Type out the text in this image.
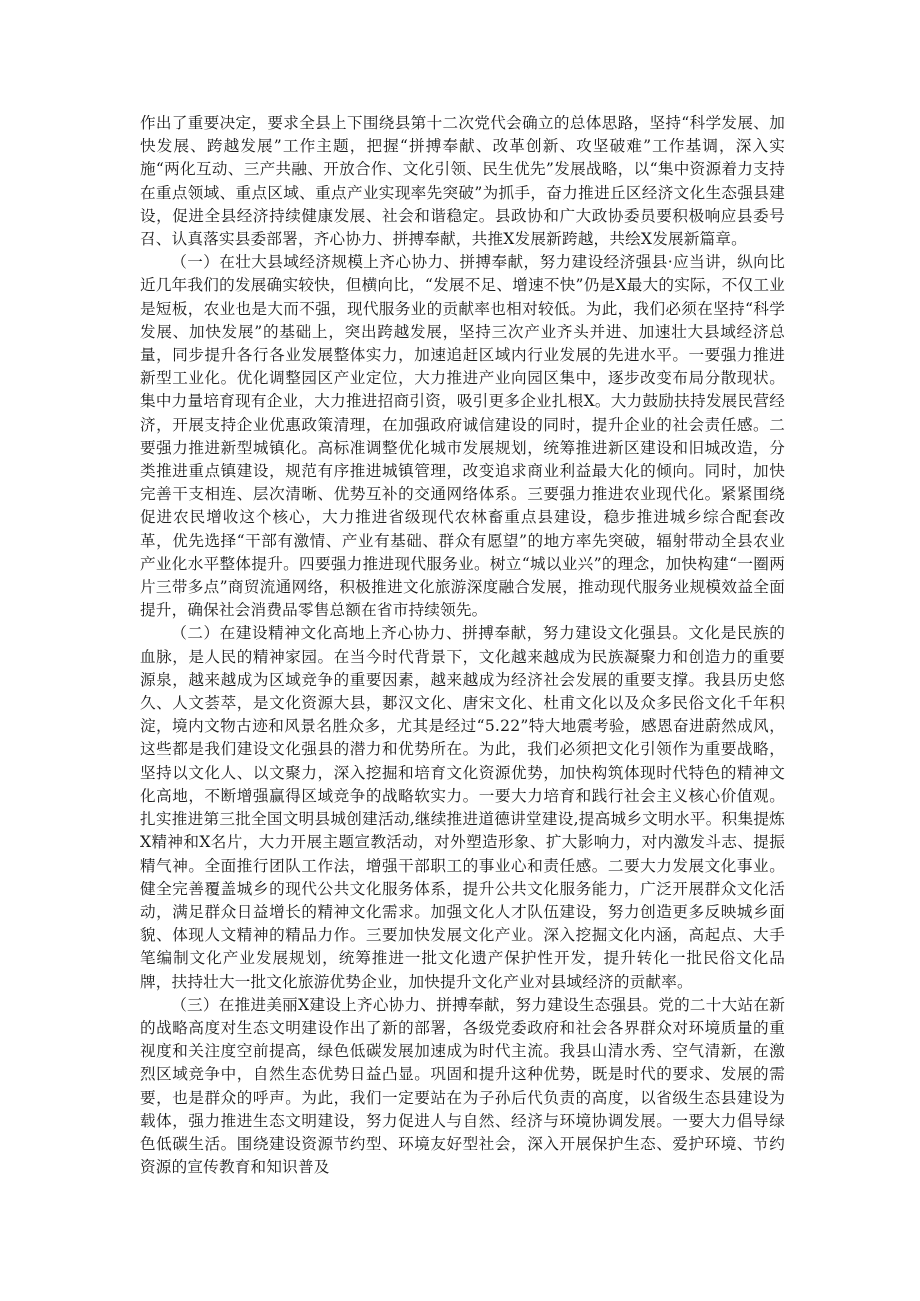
作出了重要决定，要求全县上下围绕县第十二次党代会确立的总体思路，坚持“科学发展、加快发展、跨越发展”工作主题，把握“拼搏奉献、改革创新、攻坚破难”工作基调，深入实施“两化互动、三产共融、开放合作、文化引领、民生优先”发展战略，以“集中资源着力支持在重点领域、重点区域、重点产业实现率先突破”为抓手，奋力推进丘区经济文化生态强县建设，促进全县经济持续健康发展、社会和谐稳定。县政协和广大政协委员要积极响应县委号召、认真落实县委部署，齐心协力、拼搏奉献，共推X发展新跨越，共绘X发展新篇章。

（一）在壮大县域经济规模上齐心协力、拼搏奉献，努力建设经济强县·应当讲，纵向比近几年我们的发展确实较快，但横向比，“发展不足、增速不快”仍是X最大的实际，不仅工业是短板，农业也是大而不强，现代服务业的贡献率也相对较低。为此，我们必须在坚持“科学发展、加快发展”的基础上，突出跨越发展，坚持三次产业齐头并进、加速壮大县域经济总量，同步提升各行各业发展整体实力，加速追赶区域内行业发展的先进水平。一要强力推进新型工业化。优化调整园区产业定位，大力推进产业向园区集中，逐步改变布局分散现状。集中力量培育现有企业，大力推进招商引资，吸引更多企业扎根X。大力鼓励扶持发展民营经济，开展支持企业优惠政策清理，在加强政府诚信建设的同时，提升企业的社会责任感。二要强力推进新型城镇化。高标准调整优化城市发展规划，统筹推进新区建设和旧城改造，分类推进重点镇建设，规范有序推进城镇管理，改变追求商业利益最大化的倾向。同时，加快完善干支相连、层次清晰、优势互补的交通网络体系。三要强力推进农业现代化。紧紧围绕促进农民增收这个核心，大力推进省级现代农林畜重点县建设，稳步推进城乡综合配套改革，优先选择“干部有激情、产业有基础、群众有愿望”的地方率先突破，辐射带动全县农业产业化水平整体提升。四要强力推进现代服务业。树立“城以业兴”的理念，加快构建“一圈两片三带多点”商贸流通网络，积极推进文化旅游深度融合发展，推动现代服务业规模效益全面提升，确保社会消费品零售总额在省市持续领先。

（二）在建设精神文化高地上齐心协力、拼搏奉献，努力建设文化强县。文化是民族的血脉，是人民的精神家园。在当今时代背景下，文化越来越成为民族凝聚力和创造力的重要源泉，越来越成为区域竞争的重要因素，越来越成为经济社会发展的重要支撑。我县历史悠久、人文荟萃，是文化资源大县，郪汉文化、唐宋文化、杜甫文化以及众多民俗文化千年积淀，境内文物古迹和风景名胜众多，尤其是经过“5.22”特大地震考验，感恩奋进蔚然成风，这些都是我们建设文化强县的潜力和优势所在。为此，我们必须把文化引领作为重要战略，坚持以文化人、以文聚力，深入挖掘和培育文化资源优势，加快构筑体现时代特色的精神文化高地，不断增强赢得区域竞争的战略软实力。一要大力培育和践行社会主义核心价值观。扎实推进第三批全国文明县城创建活动,继续推进道德讲堂建设,提高城乡文明水平。积集提炼X精神和X名片，大力开展主题宣教活动，对外塑造形象、扩大影响力，对内激发斗志、提振精气神。全面推行团队工作法，增强干部职工的事业心和责任感。二要大力发展文化事业。健全完善覆盖城乡的现代公共文化服务体系，提升公共文化服务能力，广泛开展群众文化活动，满足群众日益增长的精神文化需求。加强文化人才队伍建设，努力创造更多反映城乡面貌、体现人文精神的精品力作。三要加快发展文化产业。深入挖掘文化内涵，高起点、大手笔编制文化产业发展规划，统筹推进一批文化遗产保护性开发，提升转化一批民俗文化品牌，扶持壮大一批文化旅游优势企业，加快提升文化产业对县域经济的贡献率。

（三）在推进美丽X建设上齐心协力、拼搏奉献，努力建设生态强县。党的二十大站在新的战略高度对生态文明建设作出了新的部署，各级党委政府和社会各界群众对环境质量的重视度和关注度空前提高，绿色低碳发展加速成为时代主流。我县山清水秀、空气清新，在激烈区域竞争中，自然生态优势日益凸显。巩固和提升这种优势，既是时代的要求、发展的需要，也是群众的呼声。为此，我们一定要站在为子孙后代负责的高度，以省级生态县建设为载体，强力推进生态文明建设，努力促进人与自然、经济与环境协调发展。一要大力倡导绿色低碳生活。围绕建设资源节约型、环境友好型社会，深入开展保护生态、爱护环境、节约资源的宣传教育和知识普及
